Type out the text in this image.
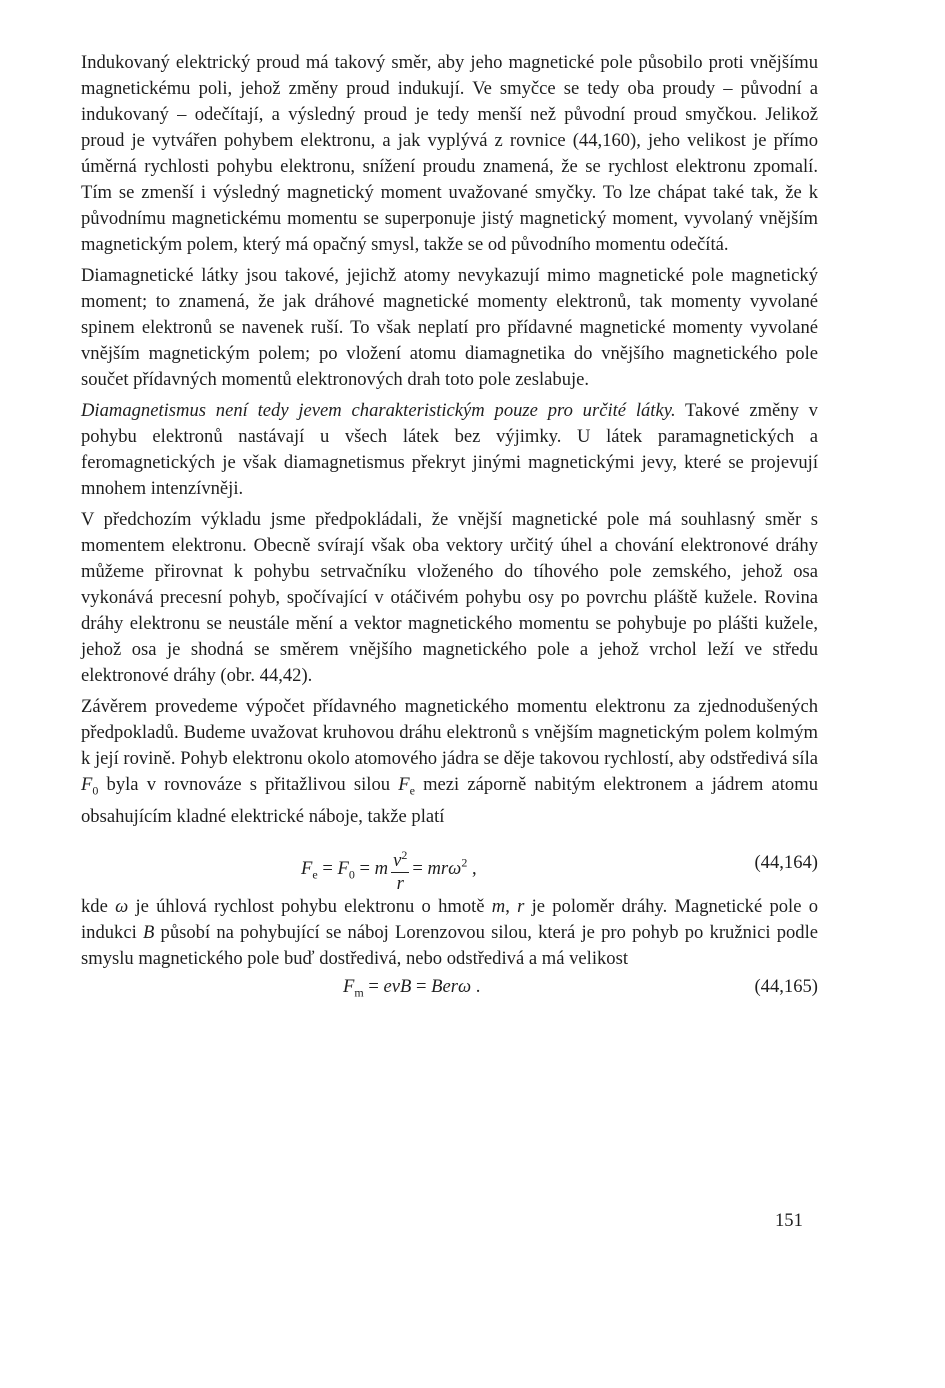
Indukovaný elektrický proud má takový směr, aby jeho magnetické pole působilo proti vnějšímu magnetickému poli, jehož změny proud indukují. Ve smyčce se tedy oba proudy – původní a indukovaný – odečítají, a výsledný proud je tedy menší než původní proud smyčkou. Jelikož proud je vytvářen pohybem elektronu, a jak vyplývá z rovnice (44,160), jeho velikost je přímo úměrná rychlosti pohybu elektronu, snížení proudu znamená, že se rychlost elektronu zpomalí. Tím se zmenší i výsledný magnetický moment uvažované smyčky. To lze chápat také tak, že k původnímu magnetickému momentu se superponuje jistý magnetický moment, vyvolaný vnějším magnetickým polem, který má opačný smysl, takže se od původního momentu odečítá.

Diamagnetické látky jsou takové, jejichž atomy nevykazují mimo magnetické pole magnetický moment; to znamená, že jak dráhové magnetické momenty elektronů, tak momenty vyvolané spinem elektronů se navenek ruší. To však neplatí pro přídavné magnetické momenty vyvolané vnějším magnetickým polem; po vložení atomu diamagnetika do vnějšího magnetického pole součet přídavných momentů elektronových drah toto pole zeslabuje.

Diamagnetismus není tedy jevem charakteristickým pouze pro určité látky. Takové změny v pohybu elektronů nastávají u všech látek bez výjimky. U látek paramagnetických a feromagnetických je však diamagnetismus překryt jinými magnetickými jevy, které se projevují mnohem intenzívněji.

V předchozím výkladu jsme předpokládali, že vnější magnetické pole má souhlasný směr s momentem elektronu. Obecně svírají však oba vektory určitý úhel a chování elektronové dráhy můžeme přirovnat k pohybu setrvačníku vloženého do tíhového pole zemského, jehož osa vykonává precesní pohyb, spočívající v otáčivém pohybu osy po povrchu pláště kužele. Rovina dráhy elektronu se neustále mění a vektor magnetického momentu se pohybuje po plášti kužele, jehož osa je shodná se směrem vnějšího magnetického pole a jehož vrchol leží ve středu elektronové dráhy (obr. 44,42).

Závěrem provedeme výpočet přídavného magnetického momentu elektronu za zjednodušených předpokladů. Budeme uvažovat kruhovou dráhu elektronů s vnějším magnetickým polem kolmým k její rovině. Pohyb elektronu okolo atomového jádra se děje takovou rychlostí, aby odstředivá síla $F_0$ byla v rovnováze s přitažlivou silou $F_e$ mezi záporně nabitým elektronem a jádrem atomu obsahujícím kladné elektrické náboje, takže platí

$F_e = F_0 = m \frac{v^2}{r} = mr\omega^2$ ,	(44,164)

kde ω je úhlová rychlost pohybu elektronu o hmotě m, r je poloměr dráhy. Magnetické pole o indukci B působí na pohybující se náboj Lorenzovou silou, která je pro pohyb po kružnici podle smyslu magnetického pole buď dostředivá, nebo odstředivá a má velikost

$F_m$ = evB = Berω .	(44,165)
151
